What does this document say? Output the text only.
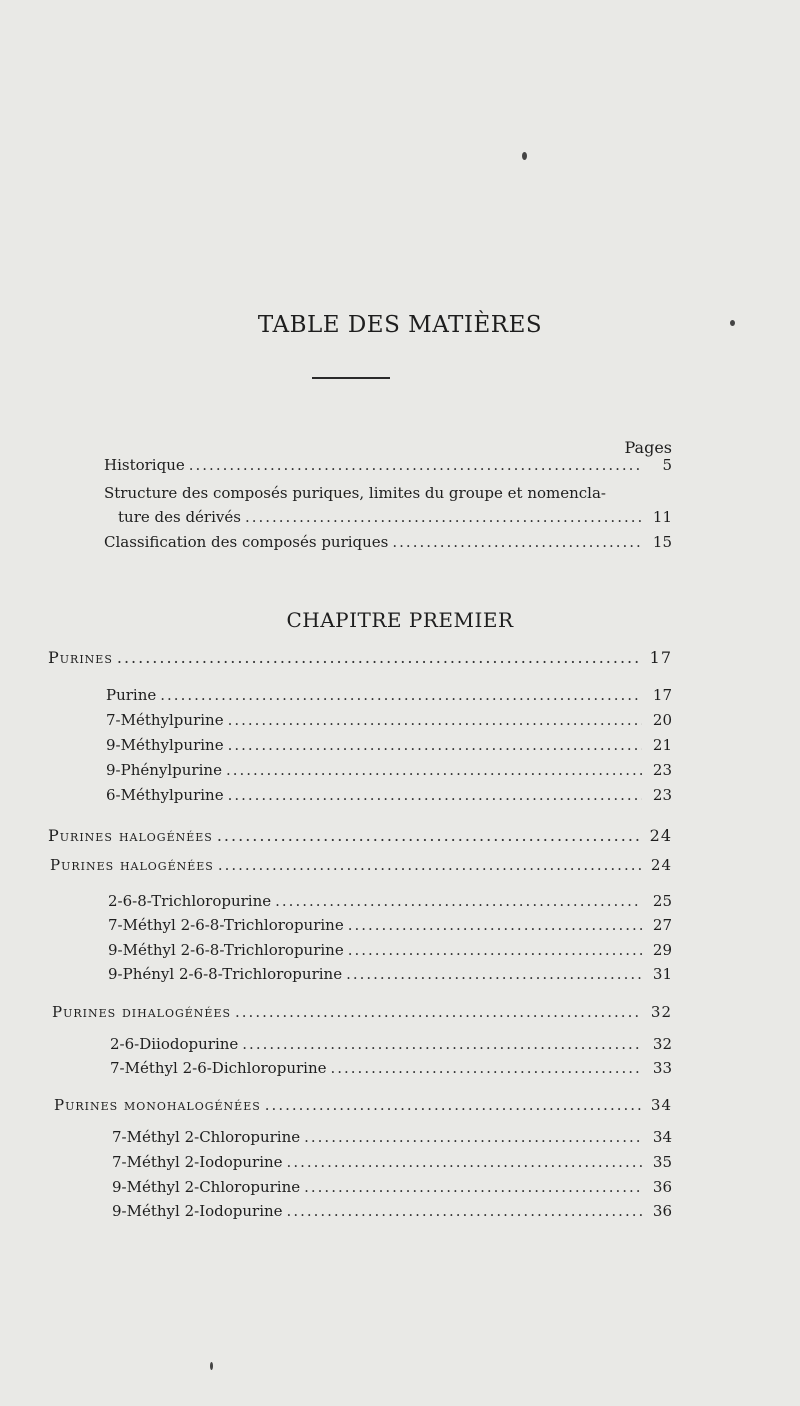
TABLE DES MATIÈRES
Pages
Historique .....	5
Structure des composés puriques, limites du groupe et nomencla-
ture des dérivés .....	11
Classification des composés puriques .....	15
CHAPITRE PREMIER
Purines .....	17
Purine .....	17
7-Méthylpurine .....	20
9-Méthylpurine .....	21
9-Phénylpurine .....	23
6-Méthylpurine .....	23
Purines halogénées .....	24
Purines halogénées .....	24
2-6-8-Trichloropurine .....	25
7-Méthyl 2-6-8-Trichloropurine .....	27
9-Méthyl 2-6-8-Trichloropurine .....	29
9-Phényl 2-6-8-Trichloropurine .....	31
Purines dihalogénées .....	32
2-6-Diiodopurine .....	32
7-Méthyl 2-6-Dichloropurine .....	33
Purines monohalogénées .....	34
7-Méthyl 2-Chloropurine .....	34
7-Méthyl 2-Iodopurine .....	35
9-Méthyl 2-Chloropurine .....	36
9-Méthyl 2-Iodopurine .....	36
